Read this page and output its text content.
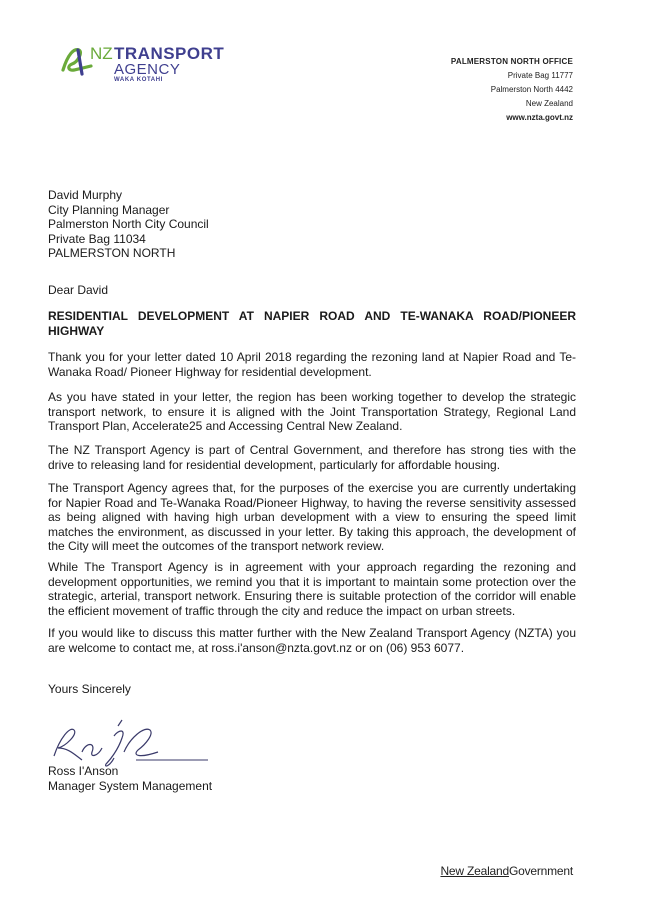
NZ TRANSPORT
AGENCY
WAKA KOTAHI
PALMERSTON NORTH OFFICE
Private Bag 11777
Palmerston North 4442
New Zealand
www.nzta.govt.nz
David Murphy
City Planning Manager
Palmerston North City Council
Private Bag 11034
PALMERSTON NORTH
Dear David
RESIDENTIAL DEVELOPMENT AT NAPIER ROAD AND TE-WANAKA ROAD/PIONEER HIGHWAY
Thank you for your letter dated 10 April 2018 regarding the rezoning land at Napier Road and Te-Wanaka Road/ Pioneer Highway for residential development.
As you have stated in your letter, the region has been working together to develop the strategic transport network, to ensure it is aligned with the Joint Transportation Strategy, Regional Land Transport Plan, Accelerate25 and Accessing Central New Zealand.
The NZ Transport Agency is part of Central Government, and therefore has strong ties with the drive to releasing land for residential development, particularly for affordable housing.
The Transport Agency agrees that, for the purposes of the exercise you are currently undertaking for Napier Road and Te-Wanaka Road/Pioneer Highway, to having the reverse sensitivity assessed as being aligned with having high urban development with a view to ensuring the speed limit matches the environment, as discussed in your letter. By taking this approach, the development of the City will meet the outcomes of the transport network review.
While The Transport Agency is in agreement with your approach regarding the rezoning and development opportunities, we remind you that it is important to maintain some protection over the strategic, arterial, transport network. Ensuring there is suitable protection of the corridor will enable the efficient movement of traffic through the city and reduce the impact on urban streets.
If you would like to discuss this matter further with the New Zealand Transport Agency (NZTA) you are welcome to contact me, at ross.i'anson@nzta.govt.nz or on (06) 953 6077.
Yours Sincerely
Ross I'Anson
Manager System Management
New ZealandGovernment
